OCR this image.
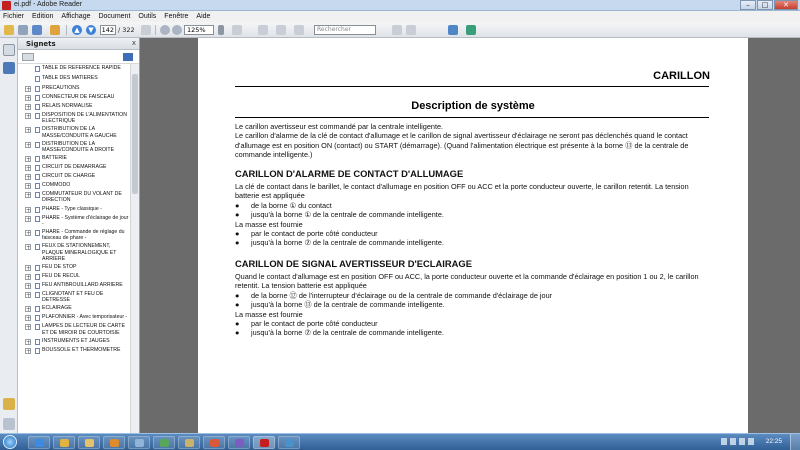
ei.pdf - Adobe Reader	–	□	✕
Fichier Edition Affichage Document Outils Fenêtre Aide
▲	▼	142 / 322	125%	Rechercher
Signets	x
TABLE DE REFERENCE RAPIDE
TABLE DES MATIERES
+ PRECAUTIONS
+ CONNECTEUR DE FAISCEAU
+ RELAIS NORMALISE
+ DISPOSITION DE L'ALIMENTATION ELECTRIQUE
+ DISTRIBUTION DE LA MASSE/CONDUITE A GAUCHE
+ DISTRIBUTION DE LA MASSE/CONDUITE A DROITE
+ BATTERIE
+ CIRCUIT DE DEMARRAGE
+ CIRCUIT DE CHARGE
+ COMMODO
+ COMMUTATEUR DU VOLANT DE DIRECTION
+ PHARE - Type classique -
+ PHARE - Système d'éclairage de jour -
+ PHARE - Commande de réglage du faisceau de phare -
+ FEUX DE STATIONNEMENT, PLAQUE MINERALOGIQUE ET ARRIERE
+ FEU DE STOP
+ FEU DE RECUL
+ FEU ANTIBROUILLARD ARRIERE
+ CLIGNOTANT ET FEU DE DETRESSE
+ ECLAIRAGE
+ PLAFONNIER - Avec temporisateur -
+ LAMPES DE LECTEUR DE CARTE ET DE MIROIR DE COURTOISIE
+ INSTRUMENTS ET JAUGES
+ BOUSSOLE ET THERMOMETRE
CARILLON
Description de système
Le carillon avertisseur est commandé par la centrale intelligente.
Le carillon d'alarme de la clé de contact d'allumage et le carillon de signal avertisseur d'éclairage ne seront pas déclenchés quand le contact d'allumage est en position ON (contact) ou START (démarrage). (Quand l'alimentation électrique est présente à la borne ⑬ de la centrale de commande intelligente.)
CARILLON D'ALARME DE CONTACT D'ALLUMAGE
La clé de contact dans le barillet, le contact d'allumage en position OFF ou ACC et la porte conducteur ouverte, le carillon retentit. La tension batterie est appliquée
●	de la borne ① du contact
●	jusqu'à la borne ① de la centrale de commande intelligente.
La masse est fournie
●	par le contact de porte côté conducteur
●	jusqu'à la borne ⑦ de la centrale de commande intelligente.
CARILLON DE SIGNAL AVERTISSEUR D'ECLAIRAGE
Quand le contact d'allumage est en position OFF ou ACC, la porte conducteur ouverte et la commande d'éclairage en position 1 ou 2, le carillon retentit. La tension batterie est appliquée
●	de la borne ⑫ de l'interrupteur d'éclairage ou de la centrale de commande d'éclairage de jour
●	jusqu'à la borne ⑬ de la centrale de commande intelligente.
La masse est fournie
●	par le contact de porte côté conducteur
●	jusqu'à la borne ⑦ de la centrale de commande intelligente.
22:25
